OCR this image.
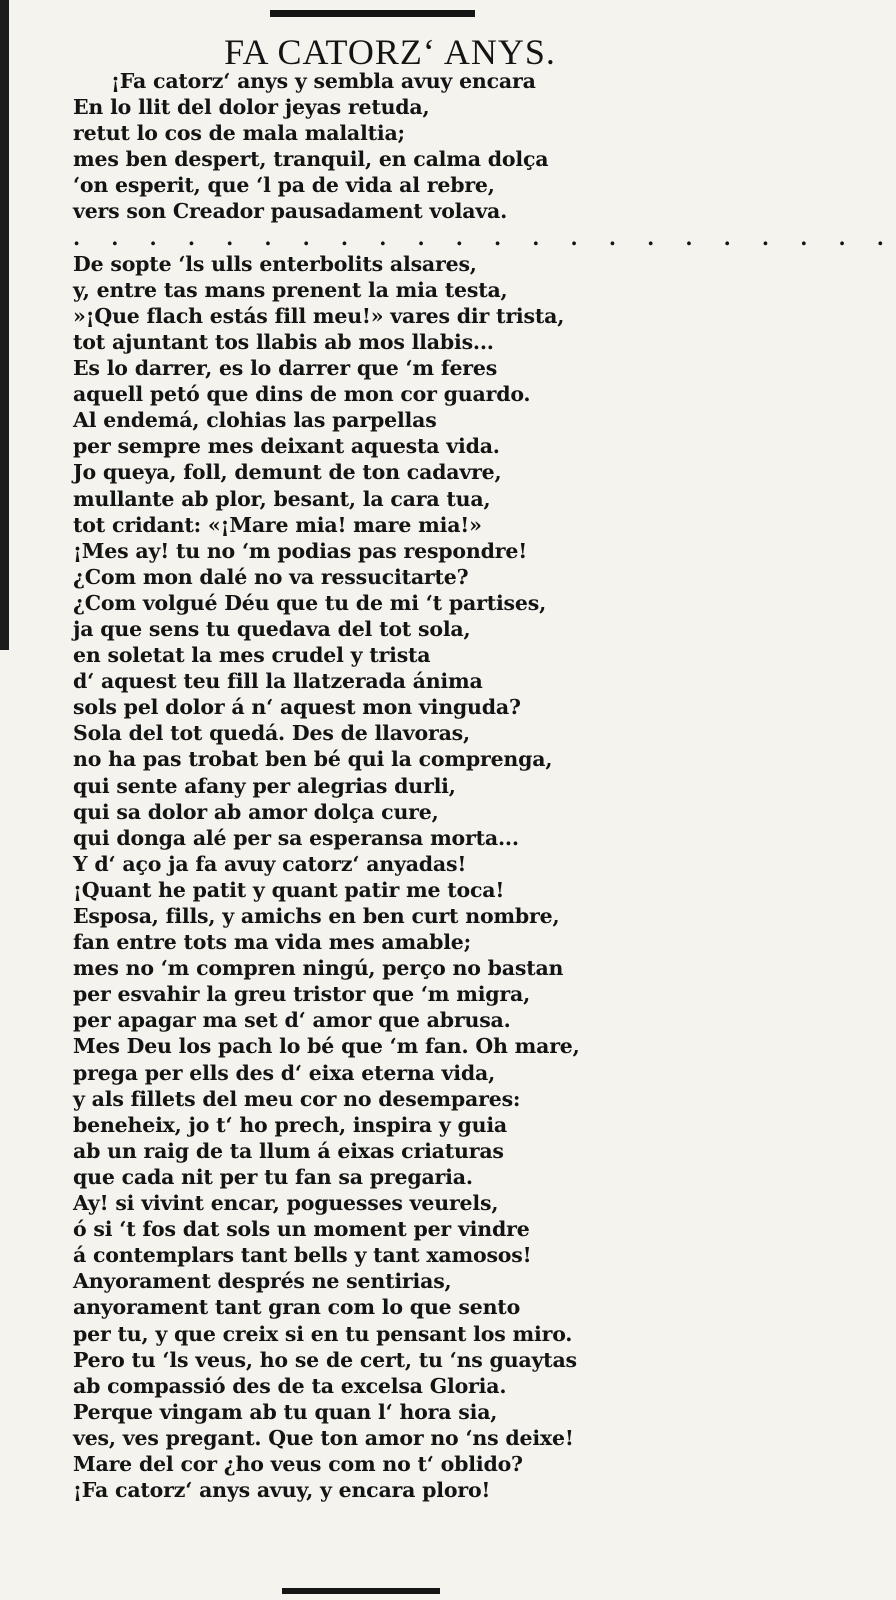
FA CATORZ‘ ANYS.
¡Fa catorz‘ anys y sembla avuy encara
En lo llit del dolor jeyas retuda,
retut lo cos de mala malaltia;
mes ben despert, tranquil, en calma dolça
‘on esperit, que ‘l pa de vida al rebre,
vers son Creador pausadament volava.
. . . . . . . . . . . . . . . . . . . . . .
De sopte ‘ls ulls enterbolits alsares,
y, entre tas mans prenent la mia testa,
»¡Que flach estás fill meu!» vares dir trista,
tot ajuntant tos llabis ab mos llabis...
Es lo darrer, es lo darrer que ‘m feres
aquell petó que dins de mon cor guardo.
Al endemá, clohias las parpellas
per sempre mes deixant aquesta vida.
Jo queya, foll, demunt de ton cadavre,
mullante ab plor, besant, la cara tua,
tot cridant: «¡Mare mia! mare mia!»
¡Mes ay! tu no ‘m podias pas respondre!
¿Com mon dalé no va ressucitarte?
¿Com volgué Déu que tu de mi ‘t partises,
ja que sens tu quedava del tot sola,
en soletat la mes crudel y trista
d‘ aquest teu fill la llatzerada ánima
sols pel dolor á n‘ aquest mon vinguda?
Sola del tot quedá. Des de llavoras,
no ha pas trobat ben bé qui la comprenga,
qui sente afany per alegrias durli,
qui sa dolor ab amor dolça cure,
qui donga alé per sa esperansa morta...
Y d‘ aço ja fa avuy catorz‘ anyadas!
¡Quant he patit y quant patir me toca!
Esposa, fills, y amichs en ben curt nombre,
fan entre tots ma vida mes amable;
mes no ‘m compren ningú, perço no bastan
per esvahir la greu tristor que ‘m migra,
per apagar ma set d‘ amor que abrusa.
Mes Deu los pach lo bé que ‘m fan. Oh mare,
prega per ells des d‘ eixa eterna vida,
y als fillets del meu cor no desempares:
beneheix, jo t‘ ho prech, inspira y guia
ab un raig de ta llum á eixas criaturas
que cada nit per tu fan sa pregaria.
Ay! si vivint encar, poguesses veurels,
ó si ‘t fos dat sols un moment per vindre
á contemplars tant bells y tant xamosos!
Anyorament després ne sentirias,
anyorament tant gran com lo que sento
per tu, y que creix si en tu pensant los miro.
Pero tu ‘ls veus, ho se de cert, tu ‘ns guaytas
ab compassió des de ta excelsa Gloria.
Perque vingam ab tu quan l‘ hora sia,
ves, ves pregant. Que ton amor no ‘ns deixe!
Mare del cor ¿ho veus com no t‘ oblido?
¡Fa catorz‘ anys avuy, y encara ploro!
